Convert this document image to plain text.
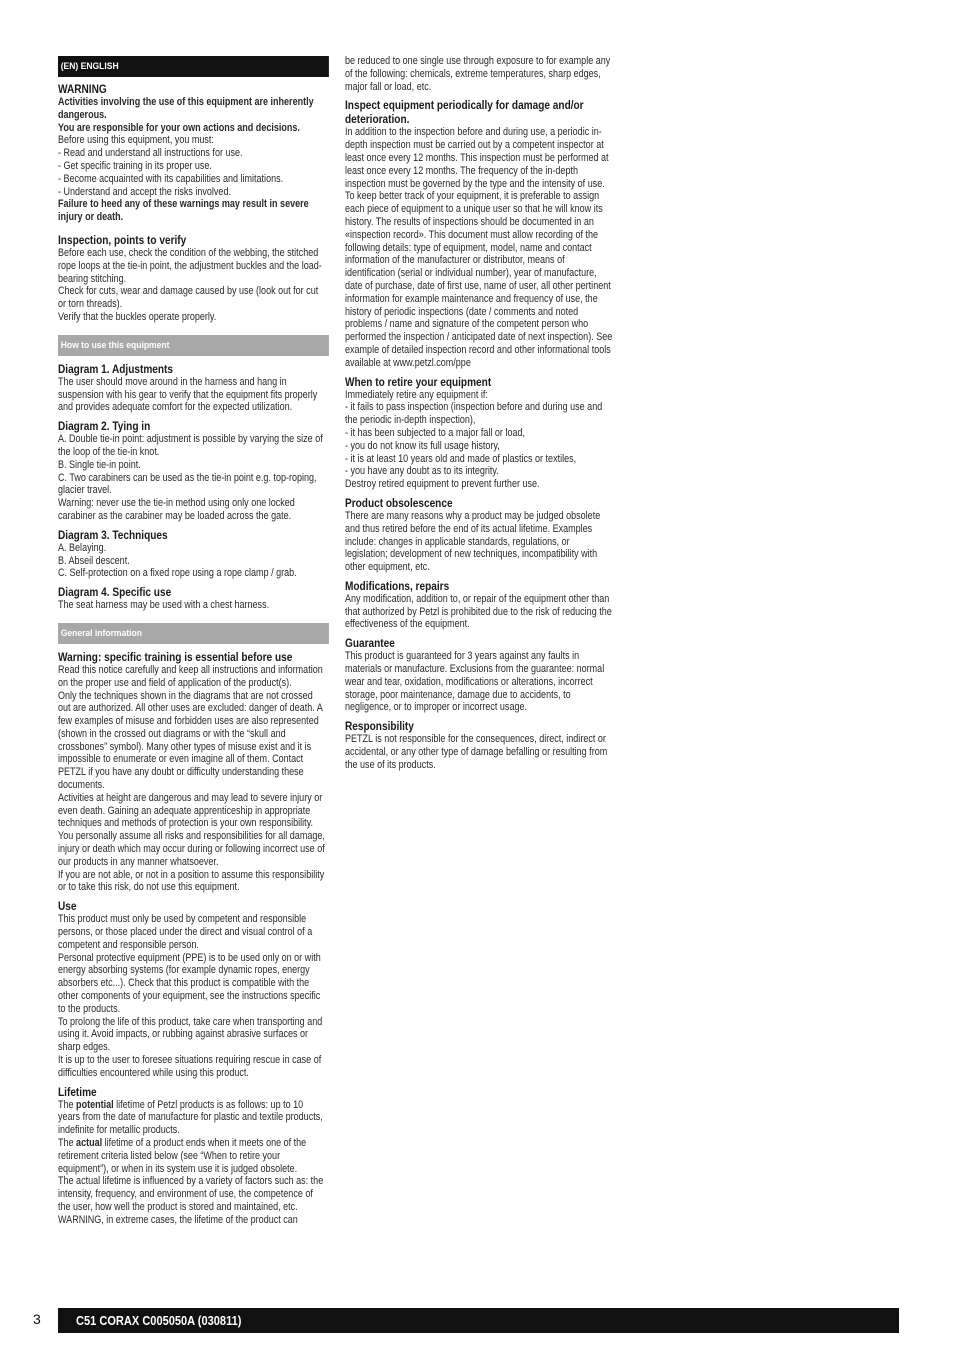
(EN) ENGLISH
WARNING

Activities involving the use of this equipment are inherently dangerous.

You are responsible for your own actions and decisions.

Before using this equipment, you must:

- Read and understand all instructions for use.

- Get specific training in its proper use.

- Become acquainted with its capabilities and limitations.

- Understand and accept the risks involved.

Failure to heed any of these warnings may result in severe injury or death.

Inspection, points to verify

Before each use, check the condition of the webbing, the stitched rope loops at the tie-in point, the adjustment buckles and the load-bearing stitching.

Check for cuts, wear and damage caused by use (look out for cut or torn threads).

Verify that the buckles operate properly.

How to use this equipment
Diagram 1. Adjustments

The user should move around in the harness and hang in suspension with his gear to verify that the equipment fits properly and provides adequate comfort for the expected utilization.

Diagram 2. Tying in

A. Double tie-in point: adjustment is possible by varying the size of the loop of the tie-in knot.

B. Single tie-in point.

C. Two carabiners can be used as the tie-in point e.g. top-roping, glacier travel.

Warning: never use the tie-in method using only one locked carabiner as the carabiner may be loaded across the gate.

Diagram 3. Techniques

A. Belaying.

B. Abseil descent.

C. Self-protection on a fixed rope using a rope clamp / grab.

Diagram 4. Specific use

The seat harness may be used with a chest harness.

General information
Warning: specific training is essential before use

Read this notice carefully and keep all instructions and information on the proper use and field of application of the product(s).

Only the techniques shown in the diagrams that are not crossed out are authorized. All other uses are excluded: danger of death. A few examples of misuse and forbidden uses are also represented (shown in the crossed out diagrams or with the “skull and crossbones” symbol). Many other types of misuse exist and it is impossible to enumerate or even imagine all of them. Contact PETZL if you have any doubt or difficulty understanding these documents.

Activities at height are dangerous and may lead to severe injury or even death. Gaining an adequate apprenticeship in appropriate techniques and methods of protection is your own responsibility.

You personally assume all risks and responsibilities for all damage, injury or death which may occur during or following incorrect use of our products in any manner whatsoever.

If you are not able, or not in a position to assume this responsibility or to take this risk, do not use this equipment.

Use

This product must only be used by competent and responsible persons, or those placed under the direct and visual control of a competent and responsible person.

Personal protective equipment (PPE) is to be used only on or with energy absorbing systems (for example dynamic ropes, energy absorbers etc...). Check that this product is compatible with the other components of your equipment, see the instructions specific to the products.

To prolong the life of this product, take care when transporting and using it. Avoid impacts, or rubbing against abrasive surfaces or sharp edges.

It is up to the user to foresee situations requiring rescue in case of difficulties encountered while using this product.

Lifetime

The potential lifetime of Petzl products is as follows: up to 10 years from the date of manufacture for plastic and textile products, indefinite for metallic products.

The actual lifetime of a product ends when it meets one of the retirement criteria listed below (see “When to retire your equipment”), or when in its system use it is judged obsolete.

The actual lifetime is influenced by a variety of factors such as: the intensity, frequency, and environment of use, the competence of the user, how well the product is stored and maintained, etc.

WARNING, in extreme cases, the lifetime of the product can

be reduced to one single use through exposure to for example any of the following: chemicals, extreme temperatures, sharp edges, major fall or load, etc.

Inspect equipment periodically for damage and/or deterioration.

In addition to the inspection before and during use, a periodic in-depth inspection must be carried out by a competent inspector at least once every 12 months. This inspection must be performed at least once every 12 months. The frequency of the in-depth inspection must be governed by the type and the intensity of use. To keep better track of your equipment, it is preferable to assign each piece of equipment to a unique user so that he will know its history. The results of inspections should be documented in an «inspection record». This document must allow recording of the following details: type of equipment, model, name and contact information of the manufacturer or distributor, means of identification (serial or individual number), year of manufacture, date of purchase, date of first use, name of user, all other pertinent information for example maintenance and frequency of use, the history of periodic inspections (date / comments and noted problems / name and signature of the competent person who performed the inspection / anticipated date of next inspection). See example of detailed inspection record and other informational tools available at www.petzl.com/ppe

When to retire your equipment

Immediately retire any equipment if:

- it fails to pass inspection (inspection before and during use and the periodic in-depth inspection),

- it has been subjected to a major fall or load,

- you do not know its full usage history,

- it is at least 10 years old and made of plastics or textiles,

- you have any doubt as to its integrity.

Destroy retired equipment to prevent further use.

Product obsolescence

There are many reasons why a product may be judged obsolete and thus retired before the end of its actual lifetime. Examples include: changes in applicable standards, regulations, or legislation; development of new techniques, incompatibility with other equipment, etc.

Modifications, repairs

Any modification, addition to, or repair of the equipment other than that authorized by Petzl is prohibited due to the risk of reducing the effectiveness of the equipment.

Guarantee

This product is guaranteed for 3 years against any faults in materials or manufacture. Exclusions from the guarantee: normal wear and tear, oxidation, modifications or alterations, incorrect storage, poor maintenance, damage due to accidents, to negligence, or to improper or incorrect usage.

Responsibility

PETZL is not responsible for the consequences, direct, indirect or accidental, or any other type of damage befalling or resulting from the use of its products.

3	C51 CORAX C005050A (030811)
